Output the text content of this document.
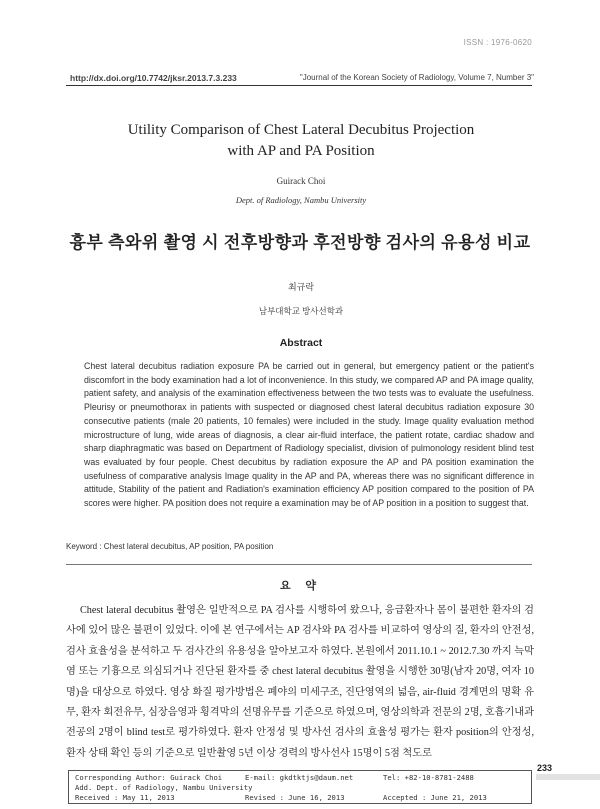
ISSN : 1976-0620
http://dx.doi.org/10.7742/jksr.2013.7.3.233	"Journal of the Korean Society of Radiology, Volume 7, Number 3"
Utility Comparison of Chest Lateral Decubitus Projection
with AP and PA Position
Guirack Choi
Dept. of Radiology, Nambu University
흉부 측와위 촬영 시 전후방향과 후전방향 검사의 유용성 비교
최규락
남부대학교 방사선학과
Abstract
Chest lateral decubitus radiation exposure PA be carried out in general, but emergency patient or the patient's discomfort in the body examination had a lot of inconvenience. In this study, we compared AP and PA image quality, patient safety, and analysis of the examination effectiveness between the two tests was to evaluate the usefulness. Pleurisy or pneumothorax in patients with suspected or diagnosed chest lateral decubitus radiation exposure 30 consecutive patients (male 20 patients, 10 females) were included in the study. Image quality evaluation method microstructure of lung, wide areas of diagnosis, a clear air-fluid interface, the patient rotate, cardiac shadow and sharp diaphragmatic was based on Department of Radiology specialist, division of pulmonology resident blind test was evaluated by four people. Chest decubitus by radiation exposure the AP and PA position examination the usefulness of comparative analysis Image quality in the AP and PA, whereas there was no significant difference in attitude, Stability of the patient and Radiation's examination efficiency AP position compared to the position of PA scores were higher. PA position does not require a examination may be of AP position in a position to suggest that.
Keyword : Chest lateral decubitus, AP position, PA position
요 약
Chest lateral decubitus 촬영은 일반적으로 PA 검사를 시행하여 왔으나, 응급환자나 몸이 불편한 환자의 검사에 있어 많은 불편이 있었다. 이에 본 연구에서는 AP 검사와 PA 검사를 비교하여 영상의 질, 환자의 안전성, 검사 효율성을 분석하고 두 검사간의 유용성을 알아보고자 하였다. 본원에서 2011.10.1 ~ 2012.7.30 까지 늑막염 또는 기흉으로 의심되거나 진단된 환자를 중 chest lateral decubitus 촬영을 시행한 30명(남자 20명, 여자 10명)을 대상으로 하였다. 영상 화질 평가방법은 폐야의 미세구조, 진단영역의 넓음, air-fluid 경계면의 명확 유무, 환자 회전유무, 심장음영과 횡격막의 선명유무를 기준으로 하였으며, 영상의학과 전문의 2명, 호흡기내과 전공의 2명이 blind test로 평가하였다. 환자 안정성 및 방사선 검사의 효율성 평가는 환자 position의 안정성, 환자 상태 확인 등의 기준으로 일반촬영 5년 이상 경력의 방사선사 15명이 5점 척도로
233
Corresponding Author: Guirack Choi	E-mail: gkdtktjs@daum.net	Tel: +82-10-8781-2488
Add. Dept. of Radiology, Nambu University
Received : May 11, 2013	Revised : June 16, 2013	Accepted : June 21, 2013
